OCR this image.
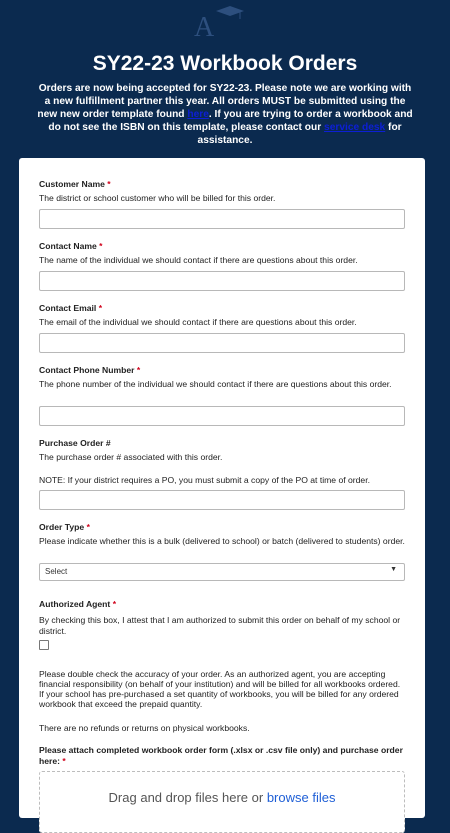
A
SY22-23 Workbook Orders
Orders are now being accepted for SY22-23. Please note we are working with a new fulfillment partner this year. All orders MUST be submitted using the new new order template found here. If you are trying to order a workbook and do not see the ISBN on this template, please contact our service desk for assistance.
Customer Name *
The district or school customer who will be billed for this order.
Contact Name *
The name of the individual we should contact if there are questions about this order.
Contact Email *
The email of the individual we should contact if there are questions about this order.
Contact Phone Number *
The phone number of the individual we should contact if there are questions about this order.
Purchase Order #
The purchase order # associated with this order.
NOTE: If your district requires a PO, you must submit a copy of the PO at time of order.
Order Type *
Please indicate whether this is a bulk (delivered to school) or batch (delivered to students) order.
Select	▼
Authorized Agent *
By checking this box, I attest that I am authorized to submit this order on behalf of my school or district.
Please double check the accuracy of your order. As an authorized agent, you are accepting financial responsibility (on behalf of your institution) and will be billed for all workbooks ordered. If your school has pre-purchased a set quantity of workbooks, you will be billed for any ordered workbook that exceed the prepaid quantity.
There are no refunds or returns on physical workbooks.
Please attach completed workbook order form (.xlsx or .csv file only) and purchase order here: *
Drag and drop files here or browse files
